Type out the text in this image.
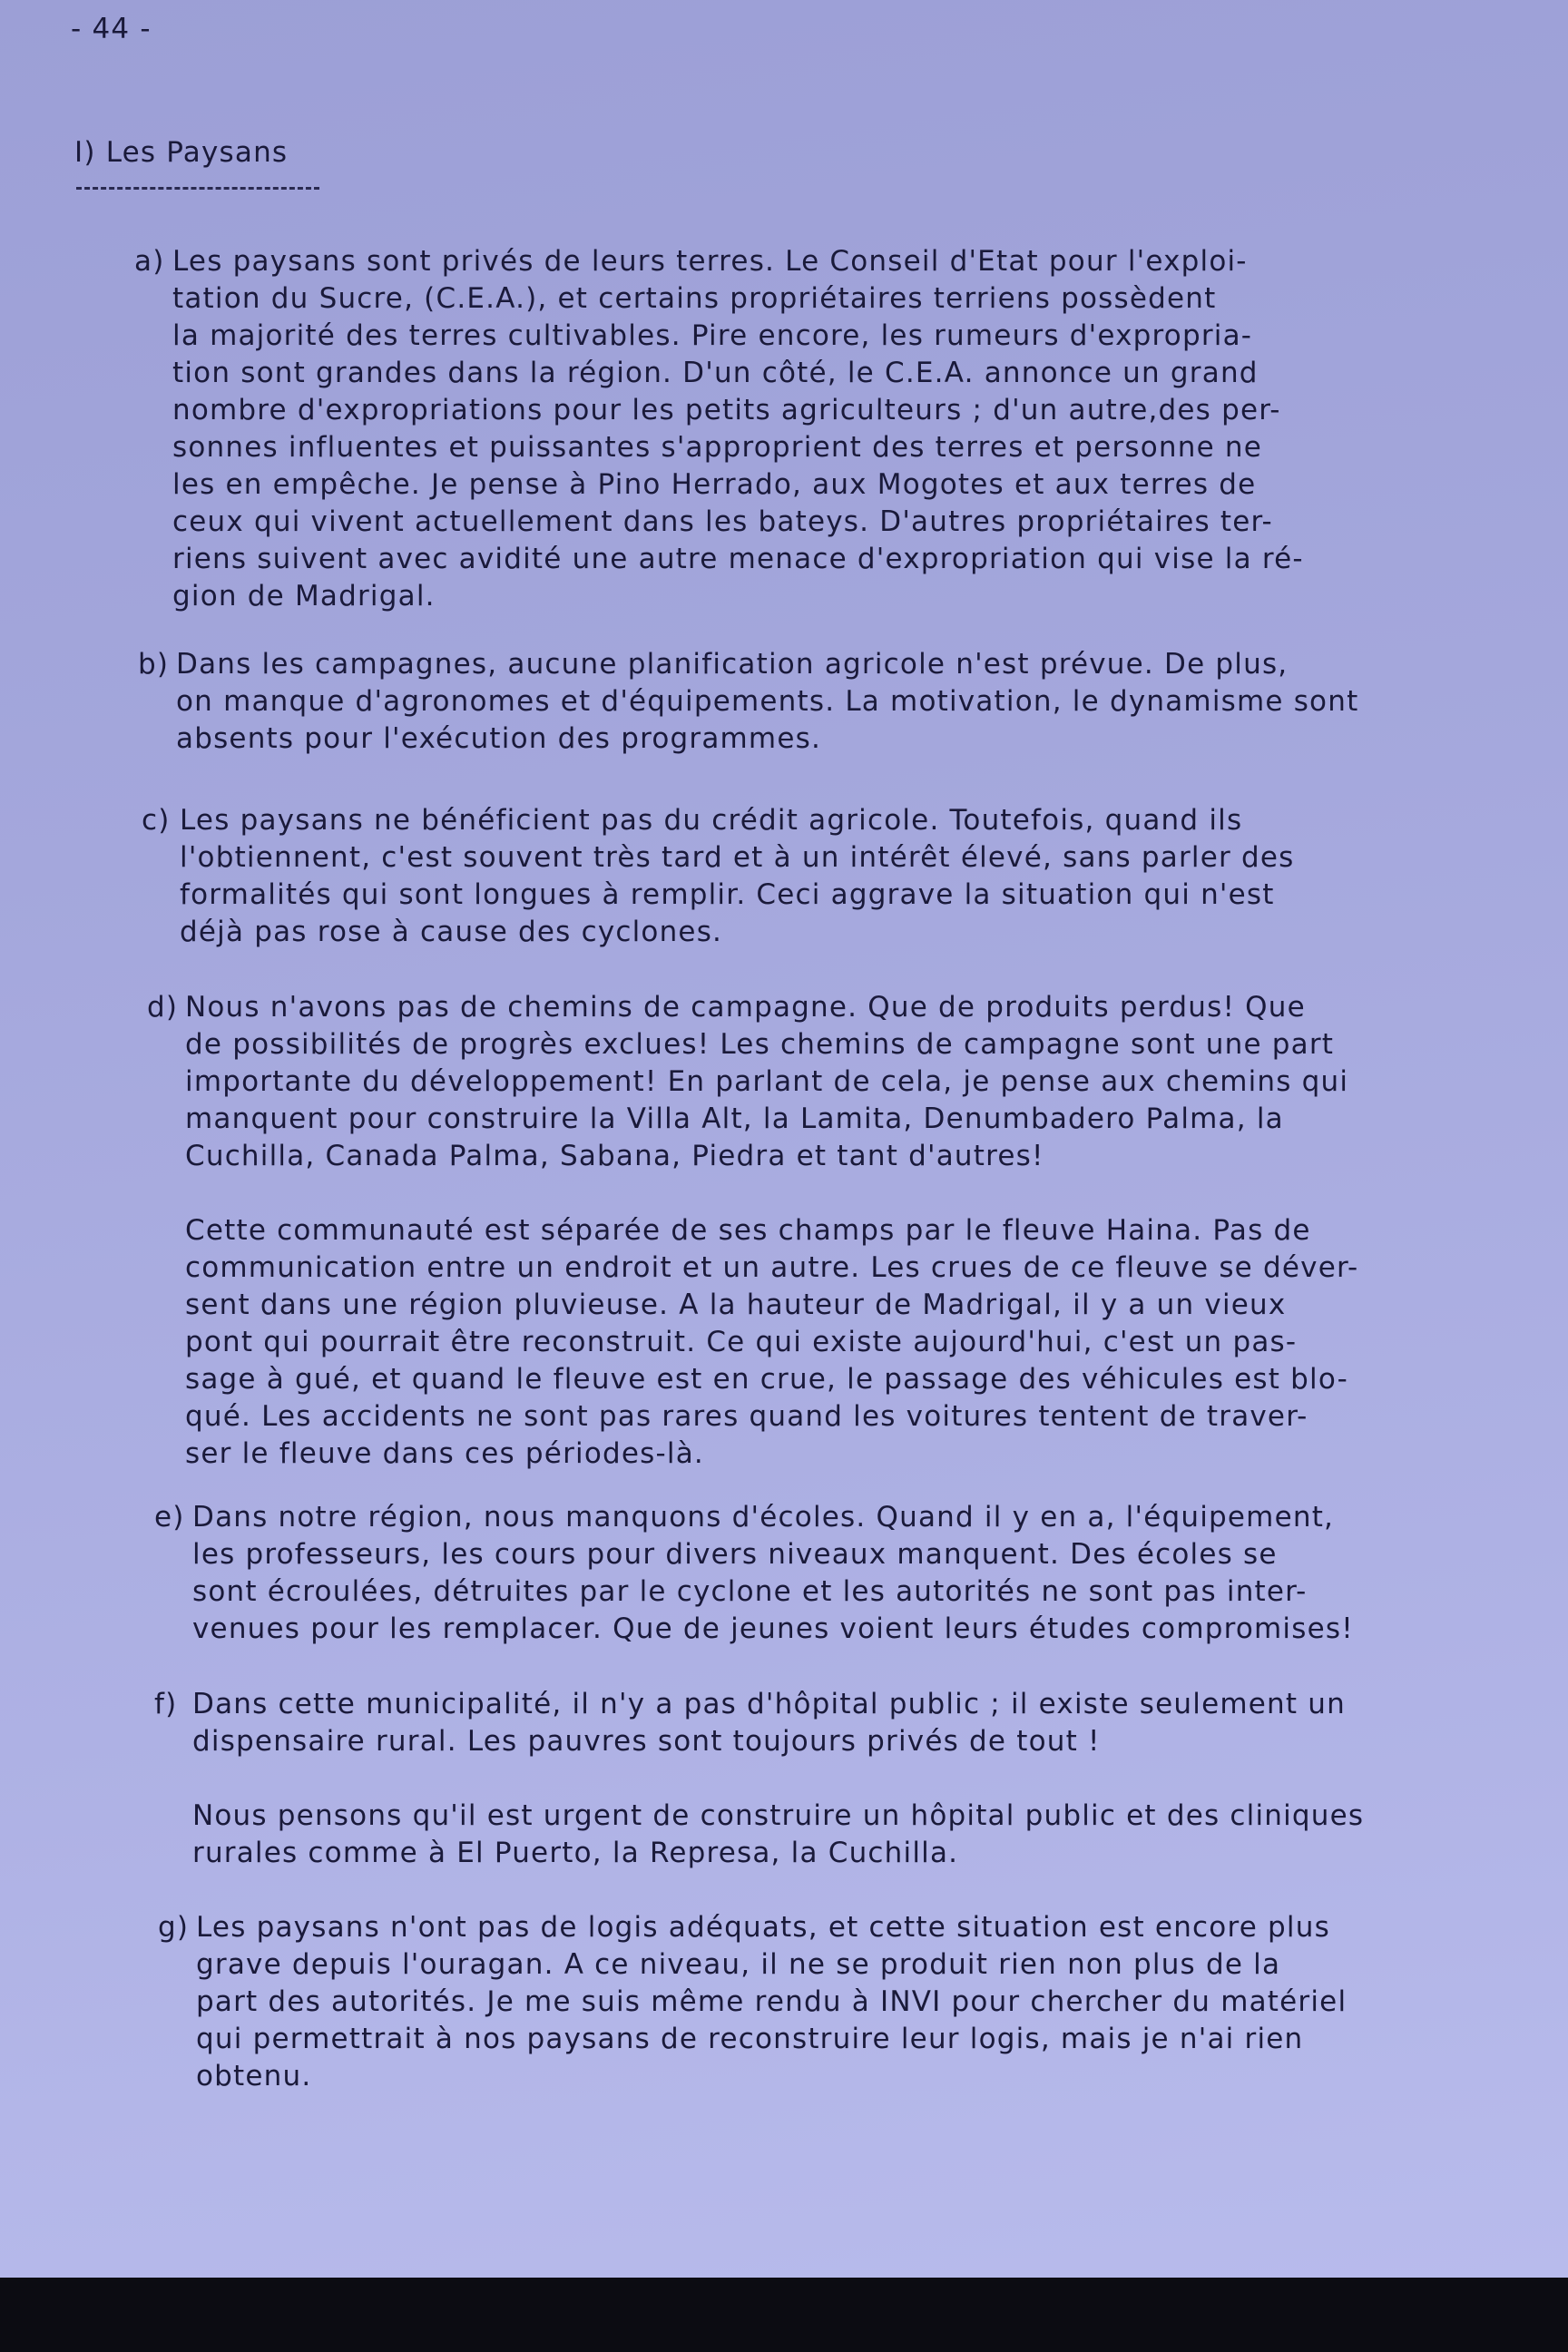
- 44 -
I) Les Paysans
a) Les paysans sont privés de leurs terres. Le Conseil d'Etat pour l'exploi-

tation du Sucre, (C.E.A.), et certains propriétaires terriens possèdent

la majorité des terres cultivables. Pire encore, les rumeurs d'expropria-

tion sont grandes dans la région. D'un côté, le C.E.A. annonce un grand

nombre d'expropriations pour les petits agriculteurs ; d'un autre,des per-

sonnes influentes et puissantes s'approprient des terres et personne ne

les en empêche. Je pense à Pino Herrado, aux Mogotes et aux terres de

ceux qui vivent actuellement dans les bateys. D'autres propriétaires ter-

riens suivent avec avidité une autre menace d'expropriation qui vise la ré-

gion de Madrigal.

b) Dans les campagnes, aucune planification agricole n'est prévue. De plus,

on manque d'agronomes et d'équipements. La motivation, le dynamisme sont

absents pour l'exécution des programmes.

c) Les paysans ne bénéficient pas du crédit agricole. Toutefois, quand ils

l'obtiennent, c'est souvent très tard et à un intérêt élevé, sans parler des

formalités qui sont longues à remplir. Ceci aggrave la situation qui n'est

déjà pas rose à cause des cyclones.

d) Nous n'avons pas de chemins de campagne. Que de produits perdus! Que

de possibilités de progrès exclues! Les chemins de campagne sont une part

importante du développement! En parlant de cela, je pense aux chemins qui

manquent pour construire la Villa Alt, la Lamita, Denumbadero Palma, la

Cuchilla, Canada Palma, Sabana, Piedra et tant d'autres!

Cette communauté est séparée de ses champs par le fleuve Haina. Pas de

communication entre un endroit et un autre. Les crues de ce fleuve se déver-

sent dans une région pluvieuse. A la hauteur de Madrigal, il y a un vieux

pont qui pourrait être reconstruit. Ce qui existe aujourd'hui, c'est un pas-

sage à gué, et quand le fleuve est en crue, le passage des véhicules est blo-

qué. Les accidents ne sont pas rares quand les voitures tentent de traver-

ser le fleuve dans ces périodes-là.

e) Dans notre région, nous manquons d'écoles. Quand il y en a, l'équipement,

les professeurs, les cours pour divers niveaux manquent. Des écoles se

sont écroulées, détruites par le cyclone et les autorités ne sont pas inter-

venues pour les remplacer. Que de jeunes voient leurs études compromises!

f) Dans cette municipalité, il n'y a pas d'hôpital public ; il existe seulement un

dispensaire rural. Les pauvres sont toujours privés de tout !

Nous pensons qu'il est urgent de construire un hôpital public et des cliniques

rurales comme à El Puerto, la Represa, la Cuchilla.

g) Les paysans n'ont pas de logis adéquats, et cette situation est encore plus

grave depuis l'ouragan. A ce niveau, il ne se produit rien non plus de la

part des autorités. Je me suis même rendu à INVI pour chercher du matériel

qui permettrait à nos paysans de reconstruire leur logis, mais je n'ai rien

obtenu.
